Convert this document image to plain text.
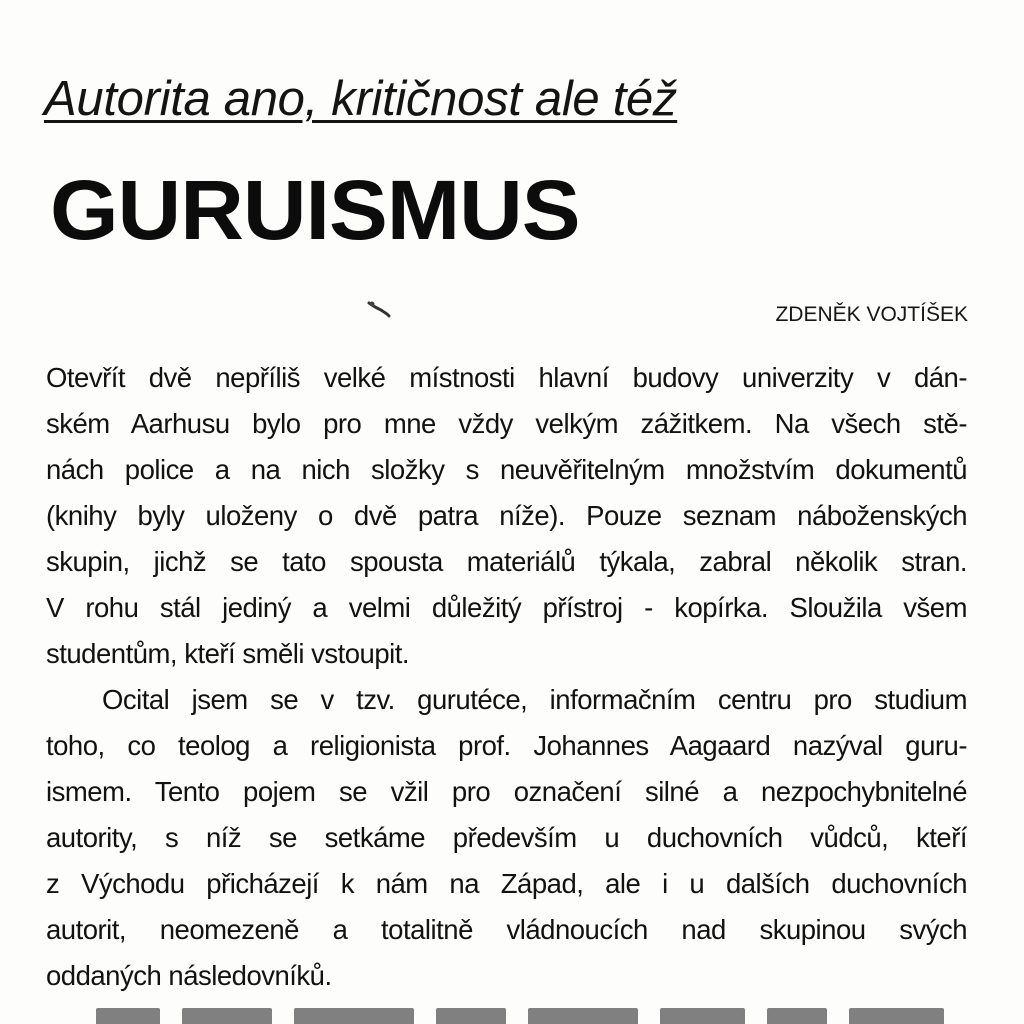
Autorita ano, kritičnost ale též
GURUISMUS
ZDENĚK VOJTÍŠEK
Otevřít dvě nepříliš velké místnosti hlavní budovy univerzity v dán-
ském Aarhusu bylo pro mne vždy velkým zážitkem. Na všech stě-
nách police a na nich složky s neuvěřitelným množstvím dokumentů
(knihy byly uloženy o dvě patra níže). Pouze seznam náboženských
skupin, jichž se tato spousta materiálů týkala, zabral několik stran.
V rohu stál jediný a velmi důležitý přístroj - kopírka. Sloužila všem
studentům, kteří směli vstoupit.
Ocital jsem se v tzv. gurutéce, informačním centru pro studium
toho, co teolog a religionista prof. Johannes Aagaard nazýval guru-
ismem. Tento pojem se vžil pro označení silné a nezpochybnitelné
autority, s níž se setkáme především u duchovních vůdců, kteří
z Východu přicházejí k nám na Západ, ale i u dalších duchovních
autorit, neomezeně a totalitně vládnoucích nad skupinou svých
oddaných následovníků.
